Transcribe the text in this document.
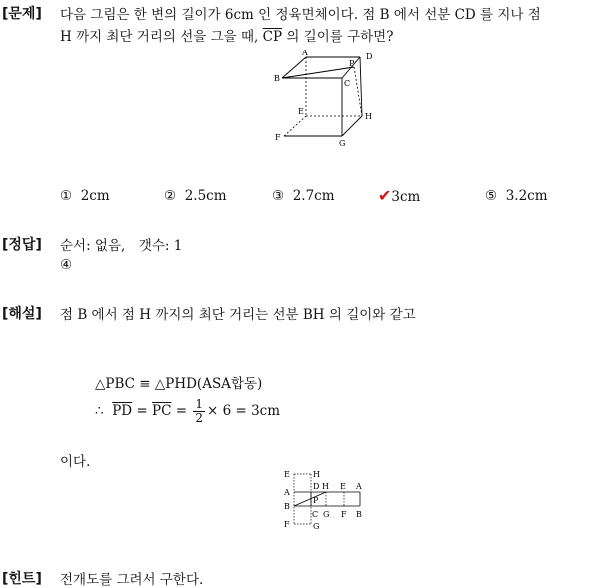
[문제] 다음 그림은 한 변의 길이가 6cm 인 정육면체이다. 점 B 에서 선분 CD 를 지나 점
H 까지 최단 거리의 선을 그을 때, $\overline{CP}$ 의 길이를 구하면?
A	D
B
P
C
E
H
F
G
① 2cm	② 2.5cm	③ 2.7cm	✔3cm	⑤ 3.2cm
[정답] 순서: 없음,　갯수: 1
④
[해설] 점 B 에서 점 H 까지의 최단 거리는 선분 BH 의 길이와 같고
△PBC ≡ △PHD(ASA합동)
∴ $\overline{PD} = \overline{PC} = \frac{1}{2} \times 6 = 3cm$
이다.
E	H
A
D H E A
B
P
C G F B
F	G
[힌트] 전개도를 그려서 구한다.
